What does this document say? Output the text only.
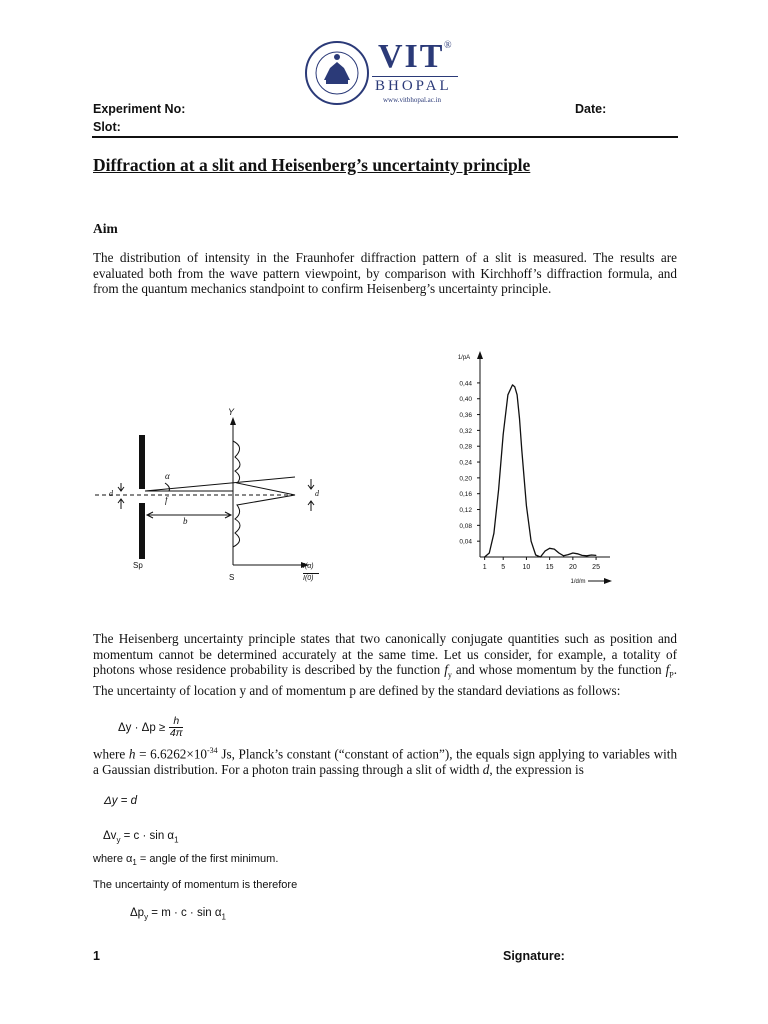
VIT ®
BHOPAL
www.vitbhopal.ac.in
Experiment No:	Date:
Slot:
Diffraction at a slit and Heisenberg’s uncertainty principle
Aim
The distribution of intensity in the Fraunhofer diffraction pattern of a slit is measured. The results are evaluated both from the wave pattern viewpoint, by comparison with Kirchhoff’s diffraction formula, and from the quantum mechanics standpoint to confirm Heisenberg’s uncertainty principle.
Y
α
f
b
d	d
Sp
S
I(α)
I(0)
0,04
0,08
0,12
0,16
0,20
0,24
0,28
0,32
0,36
0,40
0,44
1 5 10 15 20 25
1/pA
1/d/m
The Heisenberg uncertainty principle states that two canonically conjugate quantities such as position and momentum cannot be determined accurately at the same time. Let us consider, for example, a totality of photons whose residence probability is described by the function $f_y$ and whose momentum by the function $f_P$. The uncertainty of location y and of momentum p are defined by the standard deviations as follows:
Δy · Δp ≥
h
4π
where $h = 6.6262\times 10^{-34}$ Js, Planck’s constant (“constant of action”), the equals sign applying to variables with a Gaussian distribution. For a photon train passing through a slit of width d, the expression is
Δy = d
$\Delta v_y = c \cdot \sin \alpha_1$
where $\alpha_1$ = angle of the first minimum.
The uncertainty of momentum is therefore
$\Delta p_y = m \cdot c \cdot \sin \alpha_1$
1	Signature:
